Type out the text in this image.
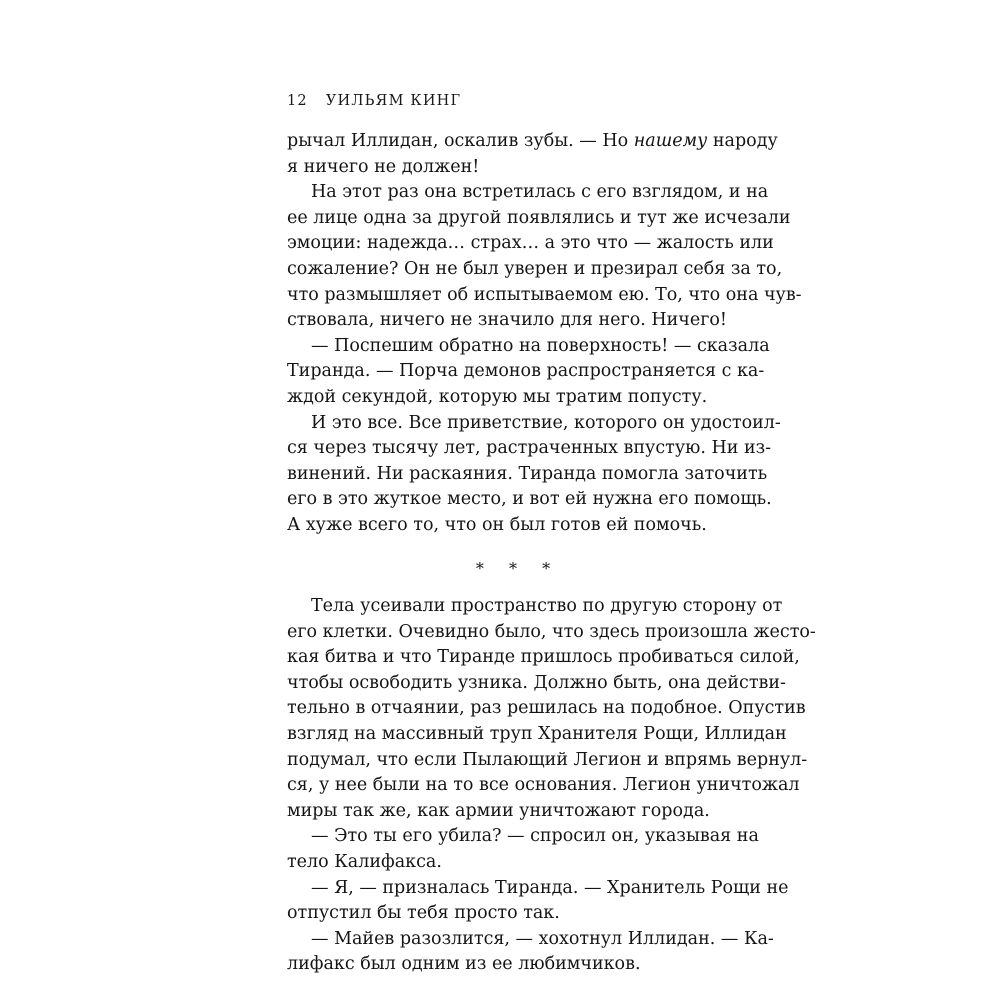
12 УИЛЬЯМ КИНГ
рычал Иллидан, оскалив зубы. — Но нашему народу
я ничего не должен!
На этот раз она встретилась с его взглядом, и на
ее лице одна за другой появлялись и тут же исчезали
эмоции: надежда… страх… а это что — жалость или
сожаление? Он не был уверен и презирал себя за то,
что размышляет об испытываемом ею. То, что она чув-
ствовала, ничего не значило для него. Ничего!
— Поспешим обратно на поверхность! — сказала
Тиранда. — Порча демонов распространяется с ка-
ждой секундой, которую мы тратим попусту.
И это все. Все приветствие, которого он удостоил-
ся через тысячу лет, растраченных впустую. Ни из-
винений. Ни раскаяния. Тиранда помогла заточить
его в это жуткое место, и вот ей нужна его помощь.
А хуже всего то, что он был готов ей помочь.
* * *
Тела усеивали пространство по другую сторону от
его клетки. Очевидно было, что здесь произошла жесто-
кая битва и что Тиранде пришлось пробиваться силой,
чтобы освободить узника. Должно быть, она действи-
тельно в отчаянии, раз решилась на подобное. Опустив
взгляд на массивный труп Хранителя Рощи, Иллидан
подумал, что если Пылающий Легион и впрямь вернул-
ся, у нее были на то все основания. Легион уничтожал
миры так же, как армии уничтожают города.
— Это ты его убила? — спросил он, указывая на
тело Калифакса.
— Я, — призналась Тиранда. — Хранитель Рощи не
отпустил бы тебя просто так.
— Майев разозлится, — хохотнул Иллидан. — Ка-
лифакс был одним из ее любимчиков.
